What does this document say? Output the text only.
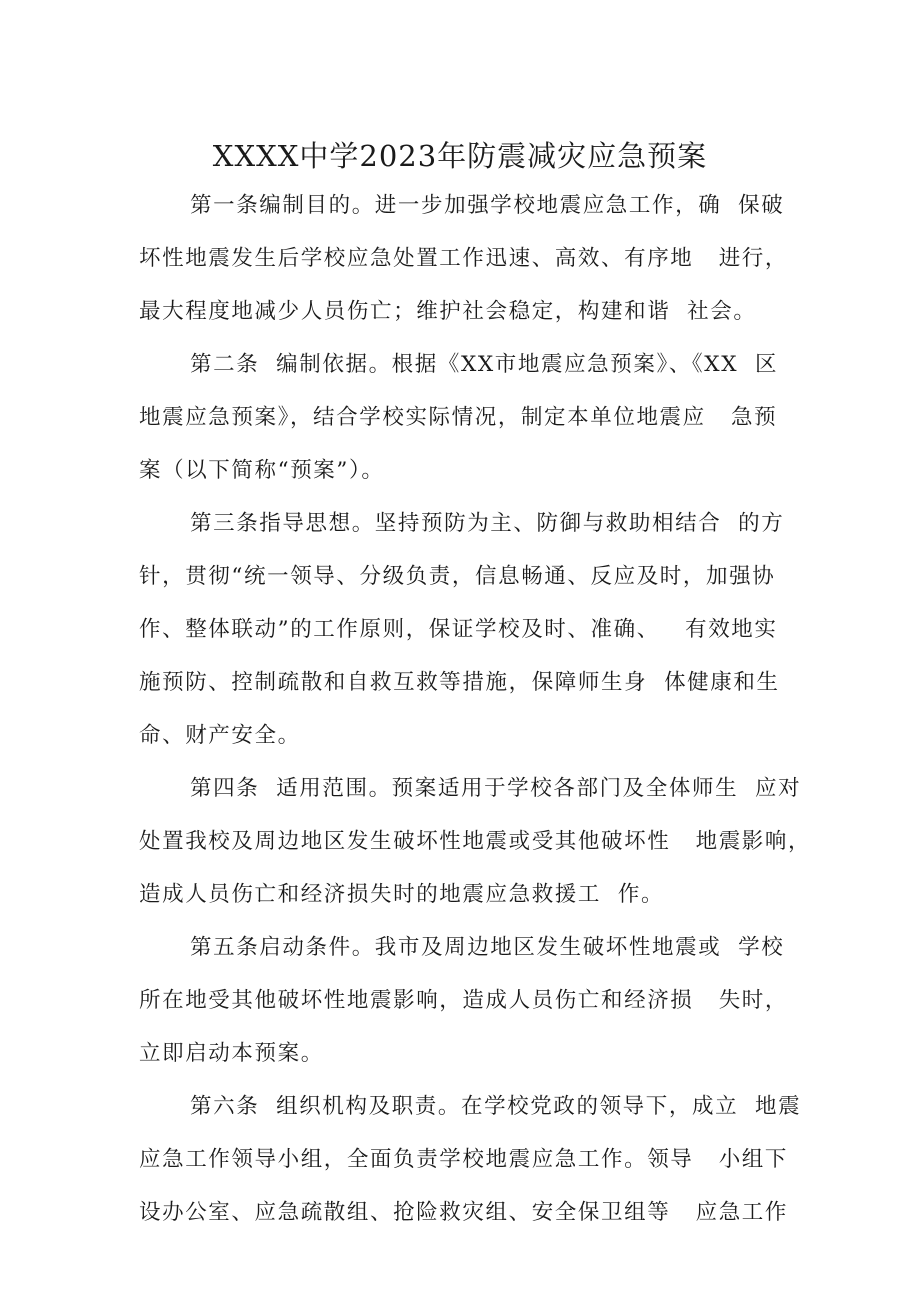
XXXX中学2023年防震减灾应急预案
第一条编制目的。进一步加强学校地震应急工作，确  保破
坏性地震发生后学校应急处置工作迅速、高效、有序地   进行，
最大程度地减少人员伤亡；维护社会稳定，构建和谐  社会。
第二条  编制依据。根据《XX市地震应急预案》、《XX  区
地震应急预案》，结合学校实际情况，制定本单位地震应   急预
案（以下简称“预案”）。
第三条指导思想。坚持预防为主、防御与救助相结合  的方
针，贯彻“统一领导、分级负责，信息畅通、反应及时，加强协
作、整体联动”的工作原则，保证学校及时、准确、   有效地实
施预防、控制疏散和自救互救等措施，保障师生身  体健康和生
命、财产安全。
第四条  适用范围。预案适用于学校各部门及全体师生  应对
处置我校及周边地区发生破坏性地震或受其他破坏性   地震影响，
造成人员伤亡和经济损失时的地震应急救援工  作。
第五条启动条件。我市及周边地区发生破坏性地震或  学校
所在地受其他破坏性地震影响，造成人员伤亡和经济损   失时，
立即启动本预案。
第六条  组织机构及职责。在学校党政的领导下，成立  地震
应急工作领导小组，全面负责学校地震应急工作。领导   小组下
设办公室、应急疏散组、抢险救灾组、安全保卫组等   应急工作
